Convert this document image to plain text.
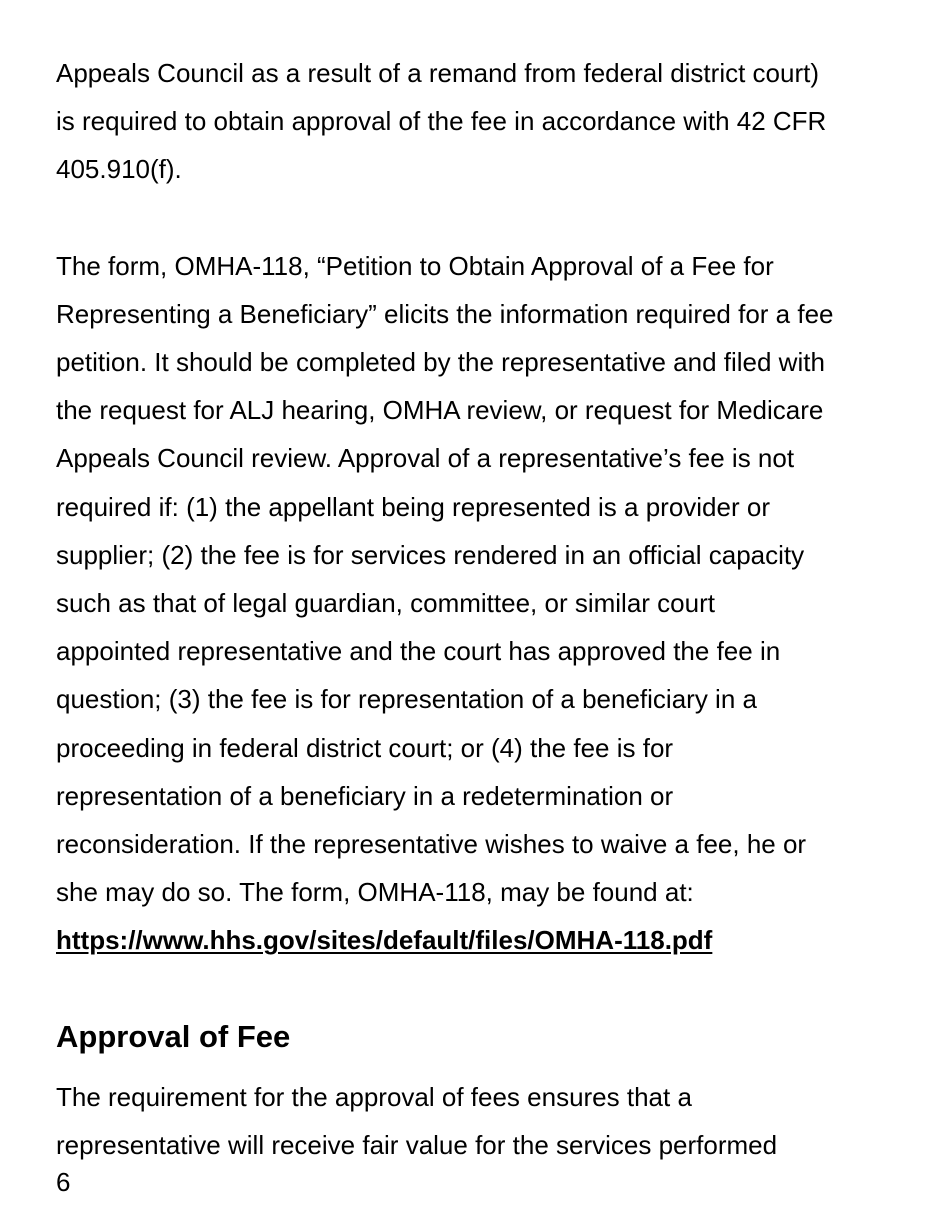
Appeals Council as a result of a remand from federal district court)
is required to obtain approval of the fee in accordance with 42 CFR
405.910(f).

The form, OMHA-118, “Petition to Obtain Approval of a Fee for
Representing a Beneficiary” elicits the information required for a fee
petition. It should be completed by the representative and filed with
the request for ALJ hearing, OMHA review, or request for Medicare
Appeals Council review. Approval of a representative’s fee is not
required if: (1) the appellant being represented is a provider or
supplier; (2) the fee is for services rendered in an official capacity
such as that of legal guardian, committee, or similar court
appointed representative and the court has approved the fee in
question; (3) the fee is for representation of a beneficiary in a
proceeding in federal district court; or (4) the fee is for
representation of a beneficiary in a redetermination or
reconsideration. If the representative wishes to waive a fee, he or
she may do so. The form, OMHA-118, may be found at:

https://www.hhs.gov/sites/default/files/OMHA-118.pdf
Approval of Fee

The requirement for the approval of fees ensures that a
representative will receive fair value for the services performed

6
